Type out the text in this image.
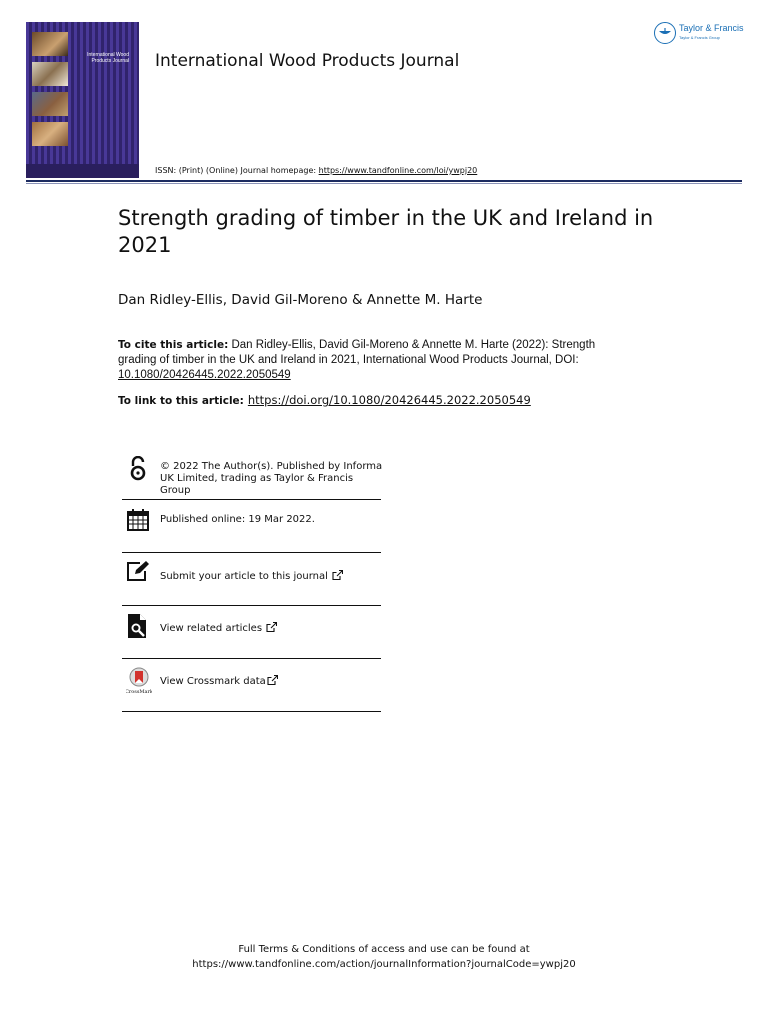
International Wood Products Journal International Wood Products Journal
Taylor & Francis
Taylor & Francis Group
ISSN: (Print) (Online) Journal homepage: https://www.tandfonline.com/loi/ywpj20
Strength grading of timber in the UK and Ireland in 2021
Dan Ridley-Ellis, David Gil-Moreno & Annette M. Harte
To cite this article: Dan Ridley-Ellis, David Gil-Moreno & Annette M. Harte (2022): Strength grading of timber in the UK and Ireland in 2021, International Wood Products Journal, DOI: 10.1080/20426445.2022.2050549
To link to this article: https://doi.org/10.1080/20426445.2022.2050549
© 2022 The Author(s). Published by Informa UK Limited, trading as Taylor & Francis Group
Published online: 19 Mar 2022.
Submit your article to this journal
View related articles
CrossMark
View Crossmark data
Full Terms & Conditions of access and use can be found at
https://www.tandfonline.com/action/journalInformation?journalCode=ywpj20
